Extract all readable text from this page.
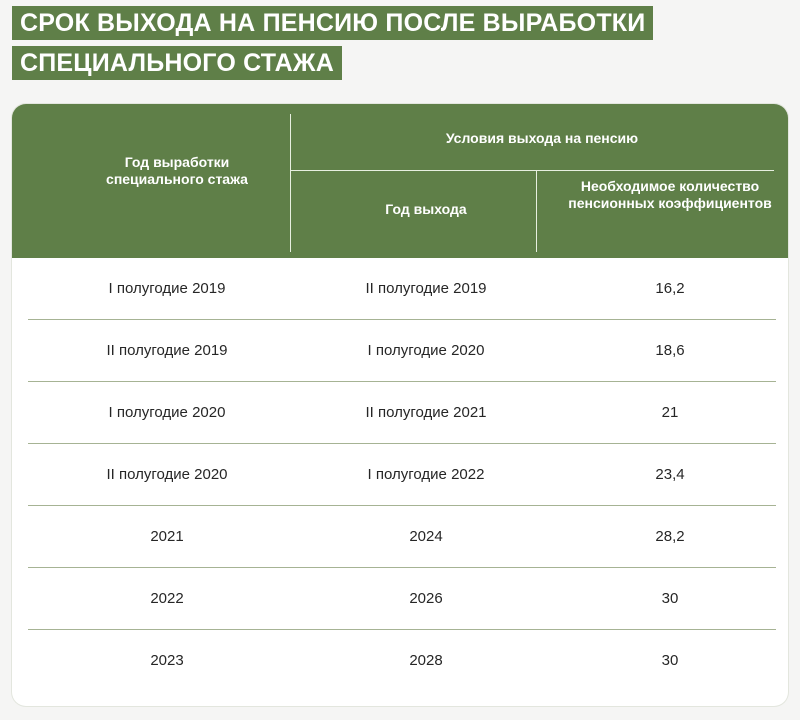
СРОК ВЫХОДА НА ПЕНСИЮ ПОСЛЕ ВЫРАБОТКИ
СПЕЦИАЛЬНОГО СТАЖА
Год выработки специального стажа
Условия выхода на пенсию
Год выхода
Необходимое количество пенсионных коэффициентов
I полугодие 2019	II полугодие 2019	16,2
II полугодие 2019	I полугодие 2020	18,6
I полугодие 2020	II полугодие 2021	21
II полугодие 2020	I полугодие 2022	23,4
2021	2024	28,2
2022	2026	30
2023	2028	30
